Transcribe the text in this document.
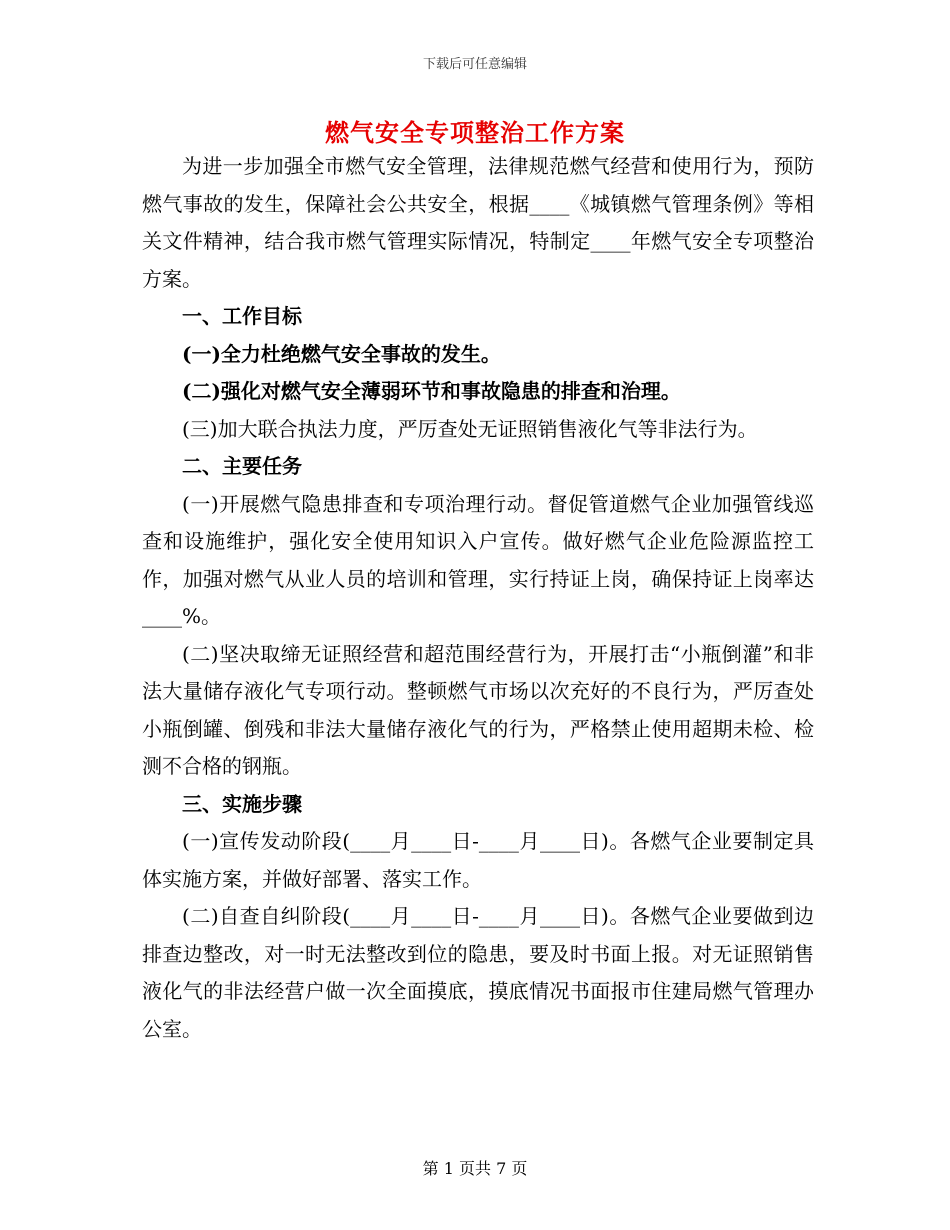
下载后可任意编辑
燃气安全专项整治工作方案

为进一步加强全市燃气安全管理，法律规范燃气经营和使用行为，预防燃气事故的发生，保障社会公共安全，根据____《城镇燃气管理条例》等相关文件精神，结合我市燃气管理实际情况，特制定____年燃气安全专项整治方案。

一、工作目标

(一)全力杜绝燃气安全事故的发生。

(二)强化对燃气安全薄弱环节和事故隐患的排查和治理。

(三)加大联合执法力度，严厉查处无证照销售液化气等非法行为。

二、主要任务

(一)开展燃气隐患排查和专项治理行动。督促管道燃气企业加强管线巡查和设施维护，强化安全使用知识入户宣传。做好燃气企业危险源监控工作，加强对燃气从业人员的培训和管理，实行持证上岗，确保持证上岗率达____%。

(二)坚决取缔无证照经营和超范围经营行为，开展打击“小瓶倒灌”和非法大量储存液化气专项行动。整顿燃气市场以次充好的不良行为，严厉查处小瓶倒罐、倒残和非法大量储存液化气的行为，严格禁止使用超期未检、检测不合格的钢瓶。

三、实施步骤

(一)宣传发动阶段(____月____日-____月____日)。各燃气企业要制定具体实施方案，并做好部署、落实工作。

(二)自查自纠阶段(____月____日-____月____日)。各燃气企业要做到边排查边整改，对一时无法整改到位的隐患，要及时书面上报。对无证照销售液化气的非法经营户做一次全面摸底，摸底情况书面报市住建局燃气管理办公室。

第 1 页共 7 页
